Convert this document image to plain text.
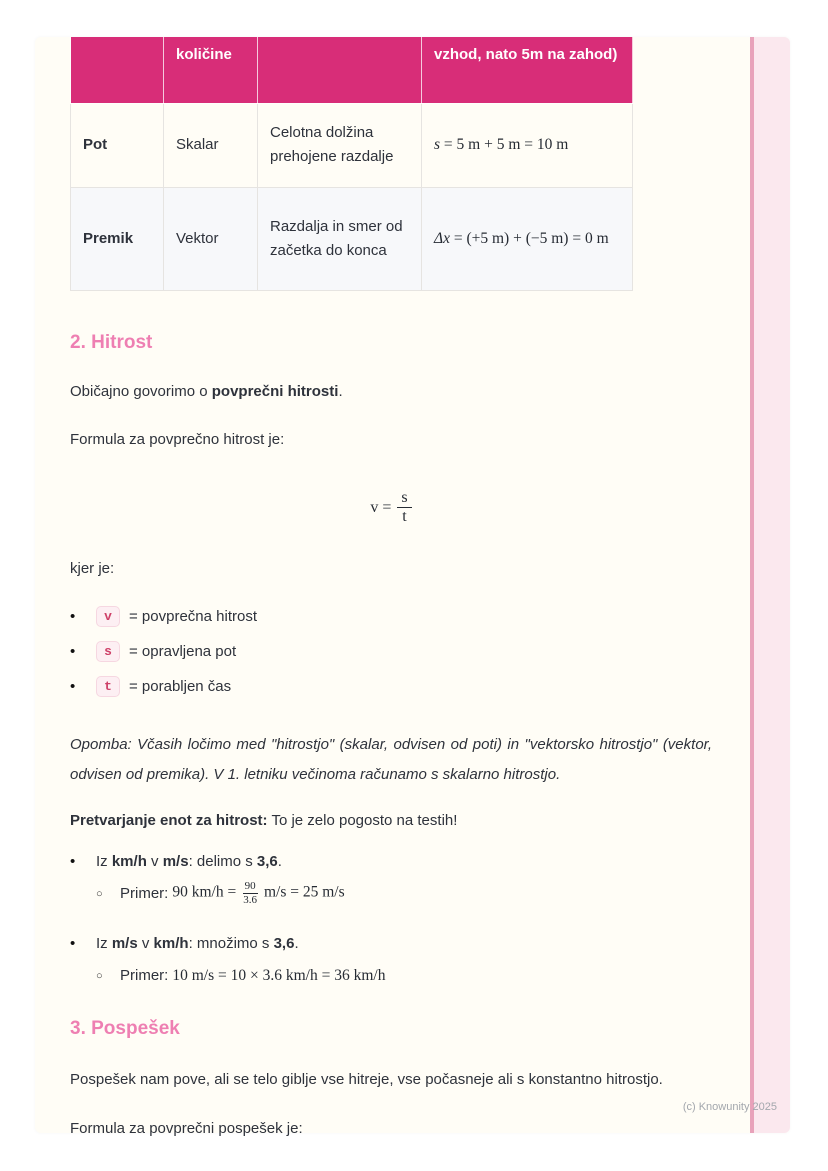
	količine		vzhod, nato 5m na zahod)
Pot	Skalar	Celotna dolžina prehojene razdalje	s = 5 m + 5 m = 10 m
Premik	Vektor	Razdalja in smer od začetka do konca	Δx = (+5 m) + (−5 m) = 0 m
2. Hitrost

Običajno govorimo o povprečni hitrosti.

Formula za povprečno hitrost je:

v
= $\frac{s}{t}$

kjer je:

•	v	= povprečna hitrost
•	s	= opravljena pot
•	t	= porabljen čas

Opomba: Včasih ločimo med "hitrostjo" (skalar, odvisen od poti) in "vektorsko hitrostjo" (vektor, odvisen od premika). V 1. letniku večinoma računamo s skalarno hitrostjo.

Pretvarjanje enot za hitrost: To je zelo pogosto na testih!

•	Iz km/h v m/s: delimo s 3,6.
○	Primer: 90 $km/h = \frac{90}{3.6} m/s = 25$ m/s
•	Iz m/s v km/h: množimo s 3,6.
○	Primer: 10 m/s = 10 × 3.6 km/h = 36 km/h
3. Pospešek

Pospešek nam pove, ali se telo giblje vse hitreje, vse počasneje ali s konstantno hitrostjo.

Formula za povprečni pospešek je:

(c) Knowunity 2025
